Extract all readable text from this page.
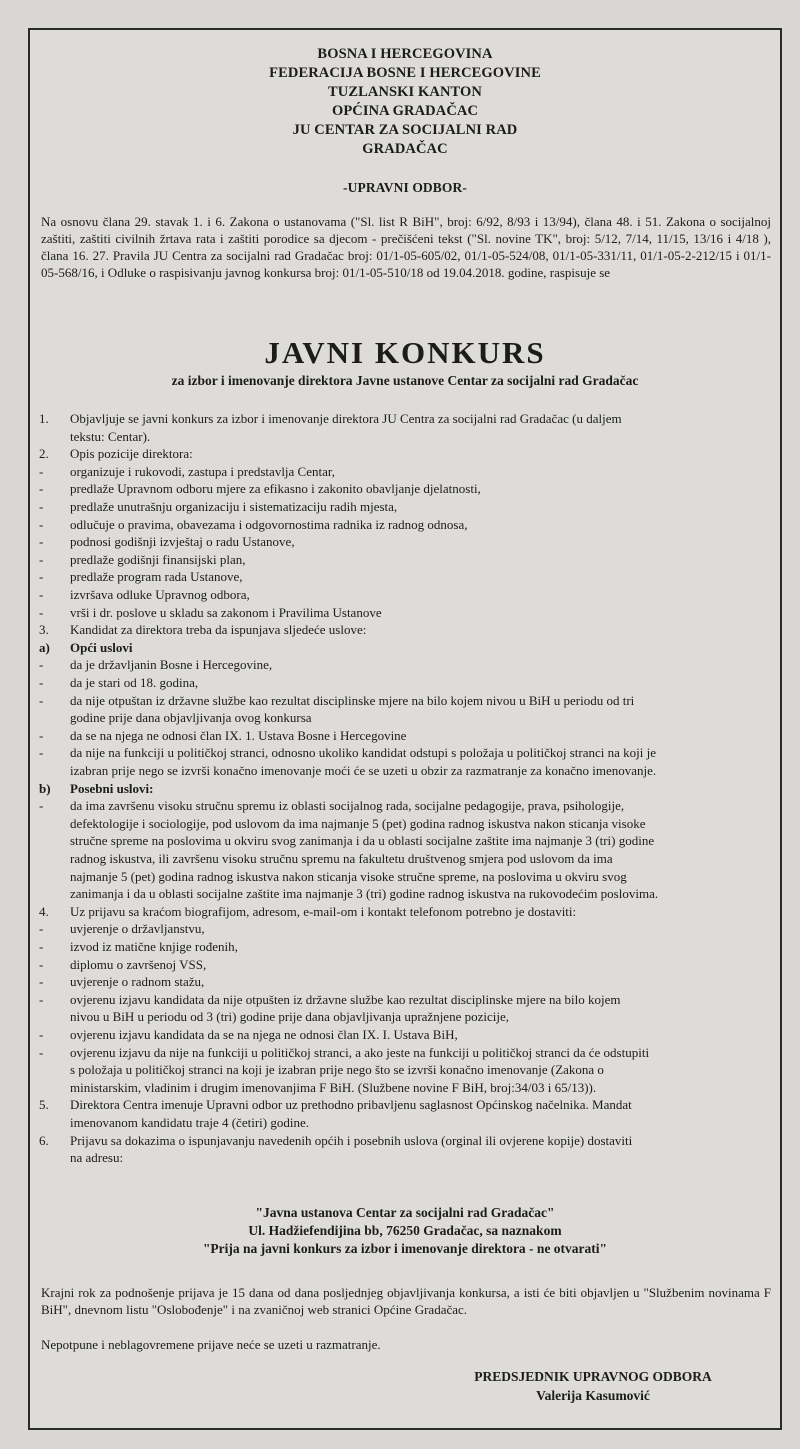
BOSNA I HERCEGOVINA
FEDERACIJA BOSNE I HERCEGOVINE
TUZLANSKI KANTON
OPĆINA GRADAČAC
JU CENTAR ZA SOCIJALNI RAD
GRADAČAC
-UPRAVNI ODBOR-
Na osnovu člana 29. stavak 1. i 6. Zakona o ustanovama ("Sl. list R BiH", broj: 6/92, 8/93 i 13/94), člana 48. i 51. Zakona o socijalnoj zaštiti, zaštiti civilnih žrtava rata i zaštiti porodice sa djecom - prečišćeni tekst ("Sl. novine TK", broj: 5/12, 7/14, 11/15, 13/16 i 4/18 ), člana 16. 27. Pravila JU Centra za socijalni rad Gradačac broj: 01/1-05-605/02, 01/1-05-524/08, 01/1-05-331/11, 01/1-05-2-212/15 i 01/1-05-568/16, i Odluke o raspisivanju javnog konkursa broj: 01/1-05-510/18 od 19.04.2018. godine, raspisuje se
JAVNI KONKURS
za izbor i imenovanje direktora Javne ustanove Centar za socijalni rad Gradačac
1. Objavljuje se javni konkurs za izbor i imenovanje direktora JU Centra za socijalni rad Gradačac (u daljem
tekstu: Centar).
2. Opis pozicije direktora:
- organizuje i rukovodi, zastupa i predstavlja Centar,
- predlaže Upravnom odboru mjere za efikasno i zakonito obavljanje djelatnosti,
- predlaže unutrašnju organizaciju i sistematizaciju radih mjesta,
- odlučuje o pravima, obavezama i odgovornostima radnika iz radnog odnosa,
- podnosi godišnji izvještaj o radu Ustanove,
- predlaže godišnji finansijski plan,
- predlaže program rada Ustanove,
- izvršava odluke Upravnog odbora,
- vrši i dr. poslove u skladu sa zakonom i Pravilima Ustanove
3. Kandidat za direktora treba da ispunjava sljedeće uslove:
a) Opći uslovi
- da je državljanin Bosne i Hercegovine,
- da je stari od 18. godina,
- da nije otpuštan iz državne službe kao rezultat disciplinske mjere na bilo kojem nivou u BiH u periodu od tri
godine prije dana objavljivanja ovog konkursa
- da se na njega ne odnosi član IX. 1. Ustava Bosne i Hercegovine
- da nije na funkciji u političkoj stranci, odnosno ukoliko kandidat odstupi s položaja u političkoj stranci na koji je
izabran prije nego se izvrši konačno imenovanje moći će se uzeti u obzir za razmatranje za konačno imenovanje.
b) Posebni uslovi:
- da ima završenu visoku stručnu spremu iz oblasti socijalnog rada, socijalne pedagogije, prava, psihologije,
defektologije i sociologije, pod uslovom da ima najmanje 5 (pet) godina radnog iskustva nakon sticanja visoke
stručne spreme na poslovima u okviru svog zanimanja i da u oblasti socijalne zaštite ima najmanje 3 (tri) godine
radnog iskustva, ili završenu visoku stručnu spremu na fakultetu društvenog smjera pod uslovom da ima
najmanje 5 (pet) godina radnog iskustva nakon sticanja visoke stručne spreme, na poslovima u okviru svog
zanimanja i da u oblasti socijalne zaštite ima najmanje 3 (tri) godine radnog iskustva na rukovodećim poslovima.
4. Uz prijavu sa kraćom biografijom, adresom, e-mail-om i kontakt telefonom potrebno je dostaviti:
- uvjerenje o državljanstvu,
- izvod iz matične knjige rođenih,
- diplomu o završenoj VSS,
- uvjerenje o radnom stažu,
- ovjerenu izjavu kandidata da nije otpušten iz državne službe kao rezultat disciplinske mjere na bilo kojem
nivou u BiH u periodu od 3 (tri) godine prije dana objavljivanja upražnjene pozicije,
- ovjerenu izjavu kandidata da se na njega ne odnosi član IX. I. Ustava BiH,
- ovjerenu izjavu da nije na funkciji u političkoj stranci, a ako jeste na funkciji u političkoj stranci da će odstupiti
s položaja u političkoj stranci na koji je izabran prije nego što se izvrši konačno imenovanje (Zakona o
ministarskim, vladinim i drugim imenovanjima F BiH. (Službene novine F BiH, broj:34/03 i 65/13)).
5. Direktora Centra imenuje Upravni odbor uz prethodno pribavljenu saglasnost Općinskog načelnika. Mandat
imenovanom kandidatu traje 4 (četiri) godine.
6. Prijavu sa dokazima o ispunjavanju navedenih općih i posebnih uslova (orginal ili ovjerene kopije) dostaviti
na adresu:
"Javna ustanova Centar za socijalni rad Gradačac"
Ul. Hadžiefendijina bb, 76250 Gradačac, sa naznakom
"Prija na javni konkurs za izbor i imenovanje direktora - ne otvarati"
Krajni rok za podnošenje prijava je 15 dana od dana posljednjeg objavljivanja konkursa, a isti će biti objavljen u "Službenim novinama F BiH", dnevnom listu "Oslobođenje" i na zvaničnoj web stranici Općine Gradačac.
Nepotpune i neblagovremene prijave neće se uzeti u razmatranje.
PREDSJEDNIK UPRAVNOG ODBORA
Valerija Kasumović
